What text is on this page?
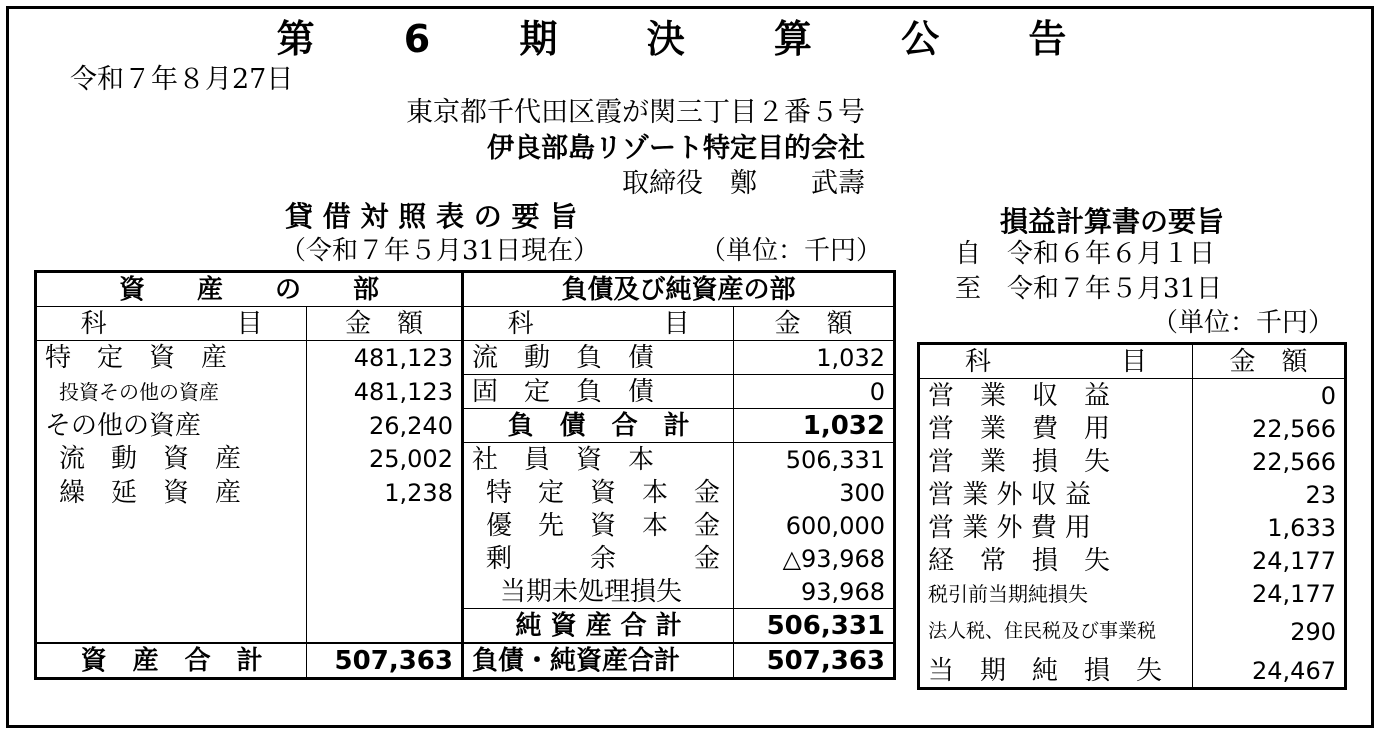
第 6 期 決 算 公 告
令和７年８月27日
東京都千代田区霞が関三丁目２番５号
伊良部島リゾート特定目的会社
取締役　鄭　　武壽
貸 借 対 照 表 の 要 旨
（令和７年５月31日現在）	（単位：千円）
資　　産　　の　　部		負債及び純資産の部	
科　　　　　目	金　額	科　　　　　目	金　額
特　定　資　産	481,123	流　動　負　債	1,032
投資その他の資産	481,123	固　定　負　債	0
その他の資産	26,240	負　債　合　計	1,032
流　動　資　産	25,002	社　員　資　本	506,331
繰　延　資　産	1,238	特　定　資　本　金	300
		優　先　資　本　金	600,000
		剰　　　余　　　金	△93,968
		当期未処理損失	93,968
		純 資 産 合 計	506,331
資　産　合　計	507,363	負債・純資産合計	507,363
損益計算書の要旨
自　令和６年６月１日
至　令和７年５月31日
（単位：千円）
科　　　　　目	金　額
営　業　収　益	0
営　業　費　用	22,566
営　業　損　失	22,566
営 業 外 収 益	23
営 業 外 費 用	1,633
経　常　損　失	24,177
税引前当期純損失	24,177
法人税、住民税及び事業税	290
当　期　純　損　失	24,467
